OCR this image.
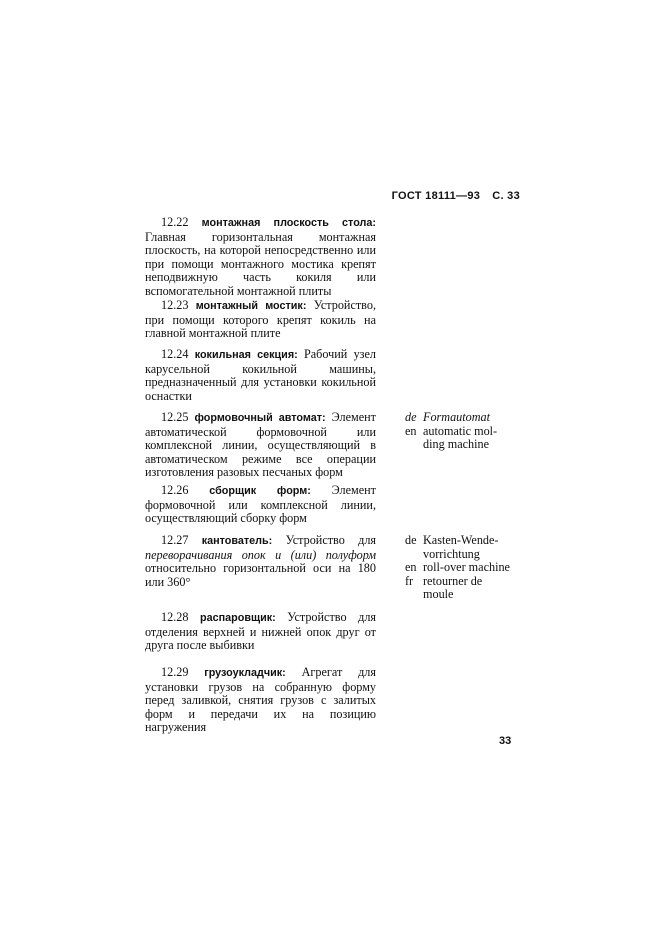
ГОСТ 18111—93 С. 33
12.22 монтажная плоскость стола: Главная горизонтальная монтажная плоскость, на которой непосредственно или при помощи монтажного мостика крепят неподвижную часть кокиля или вспомогательной монтажной плиты
12.23 монтажный мостик: Устройство, при помощи которого крепят кокиль на главной монтажной плите
12.24 кокильная секция: Рабочий узел карусельной кокильной машины, предназначенный для установки кокильной оснастки
12.25 формовочный автомат: Элемент автоматической формовочной или комплексной линии, осуществляющий в автоматическом режиме все операции изготовления разовых песчаных форм
de Formautomat
en automatic mol-
ding machine
12.26 сборщик форм: Элемент формовочной или комплексной линии, осуществляющий сборку форм
12.27 кантователь: Устройство для переворачивания опок и (или) полуформ относительно горизонтальной оси на 180 или 360°
de Kasten-Wende-
vorrichtung
en roll-over machine
fr retourner de
moule
12.28 распаровщик: Устройство для отделения верхней и нижней опок друг от друга после выбивки
12.29 грузоукладчик: Агрегат для установки грузов на собранную форму перед заливкой, снятия грузов с залитых форм и передачи их на позицию нагружения
33
